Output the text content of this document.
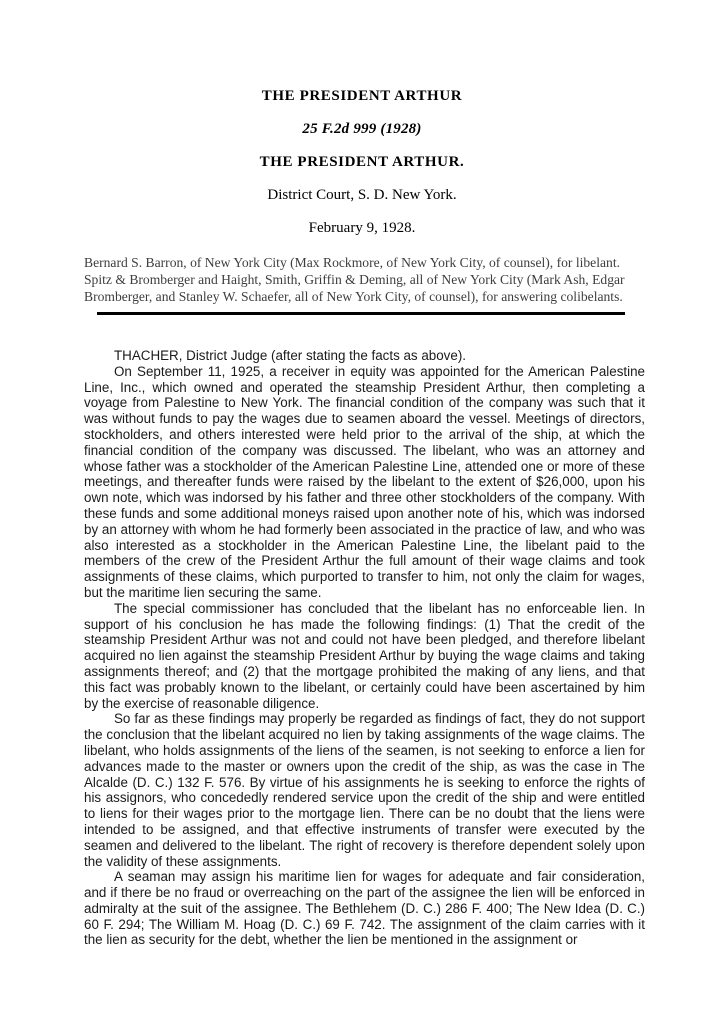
THE PRESIDENT ARTHUR
25 F.2d 999 (1928)
THE PRESIDENT ARTHUR.
District Court, S. D. New York.
February 9, 1928.

Bernard S. Barron, of New York City (Max Rockmore, of New York City, of counsel), for libelant. Spitz & Bromberger and Haight, Smith, Griffin & Deming, all of New York City (Mark Ash, Edgar Bromberger, and Stanley W. Schaefer, all of New York City, of counsel), for answering colibelants.

THACHER, District Judge (after stating the facts as above).

On September 11, 1925, a receiver in equity was appointed for the American Palestine Line, Inc., which owned and operated the steamship President Arthur, then completing a voyage from Palestine to New York. The financial condition of the company was such that it was without funds to pay the wages due to seamen aboard the vessel. Meetings of directors, stockholders, and others interested were held prior to the arrival of the ship, at which the financial condition of the company was discussed. The libelant, who was an attorney and whose father was a stockholder of the American Palestine Line, attended one or more of these meetings, and thereafter funds were raised by the libelant to the extent of $26,000, upon his own note, which was indorsed by his father and three other stockholders of the company. With these funds and some additional moneys raised upon another note of his, which was indorsed by an attorney with whom he had formerly been associated in the practice of law, and who was also interested as a stockholder in the American Palestine Line, the libelant paid to the members of the crew of the President Arthur the full amount of their wage claims and took assignments of these claims, which purported to transfer to him, not only the claim for wages, but the maritime lien securing the same.

The special commissioner has concluded that the libelant has no enforceable lien. In support of his conclusion he has made the following findings: (1) That the credit of the steamship President Arthur was not and could not have been pledged, and therefore libelant acquired no lien against the steamship President Arthur by buying the wage claims and taking assignments thereof; and (2) that the mortgage prohibited the making of any liens, and that this fact was probably known to the libelant, or certainly could have been ascertained by him by the exercise of reasonable diligence.

So far as these findings may properly be regarded as findings of fact, they do not support the conclusion that the libelant acquired no lien by taking assignments of the wage claims. The libelant, who holds assignments of the liens of the seamen, is not seeking to enforce a lien for advances made to the master or owners upon the credit of the ship, as was the case in The Alcalde (D. C.) 132 F. 576. By virtue of his assignments he is seeking to enforce the rights of his assignors, who concededly rendered service upon the credit of the ship and were entitled to liens for their wages prior to the mortgage lien. There can be no doubt that the liens were intended to be assigned, and that effective instruments of transfer were executed by the seamen and delivered to the libelant. The right of recovery is therefore dependent solely upon the validity of these assignments.

A seaman may assign his maritime lien for wages for adequate and fair consideration, and if there be no fraud or overreaching on the part of the assignee the lien will be enforced in admiralty at the suit of the assignee. The Bethlehem (D. C.) 286 F. 400; The New Idea (D. C.) 60 F. 294; The William M. Hoag (D. C.) 69 F. 742. The assignment of the claim carries with it the lien as security for the debt, whether the lien be mentioned in the assignment or
